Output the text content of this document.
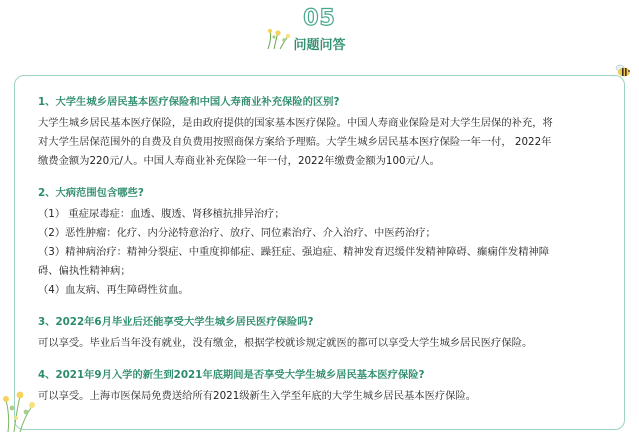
05
问题问答

1、大学生城乡居民基本医疗保险和中国人寿商业补充保险的区别?

大学生城乡居民基本医疗保险，是由政府提供的国家基本医疗保险。中国人寿商业保险是对大学生居保的补充，将
对大学生居保范围外的自费及自负费用按照商保方案给予理赔。大学生城乡居民基本医疗保险一年一付， 2022年
缴费金额为220元/人。中国人寿商业补充保险一年一付，2022年缴费金额为100元/人。

2、大病范围包含哪些?

（1） 重症尿毒症：血透、腹透、肾移植抗排异治疗；
（2）恶性肿瘤：化疗、内分泌特意治疗、放疗、同位素治疗、介入治疗、中医药治疗；
（3）精神病治疗：精神分裂症、中重度抑郁症、躁狂症、强迫症、精神发育迟缓伴发精神障碍、癫痫伴发精神障
碍、偏执性精神病；
（4）血友病、再生障碍性贫血。

3、2022年6月毕业后还能享受大学生城乡居民医疗保险吗?

可以享受。毕业后当年没有就业，没有缴金，根据学校就诊规定就医的都可以享受大学生城乡居民医疗保险。

4、2021年9月入学的新生到2021年底期间是否享受大学生城乡居民基本医疗保险?

可以享受。上海市医保局免费送给所有2021级新生入学至年底的大学生城乡居民基本医疗保险。
